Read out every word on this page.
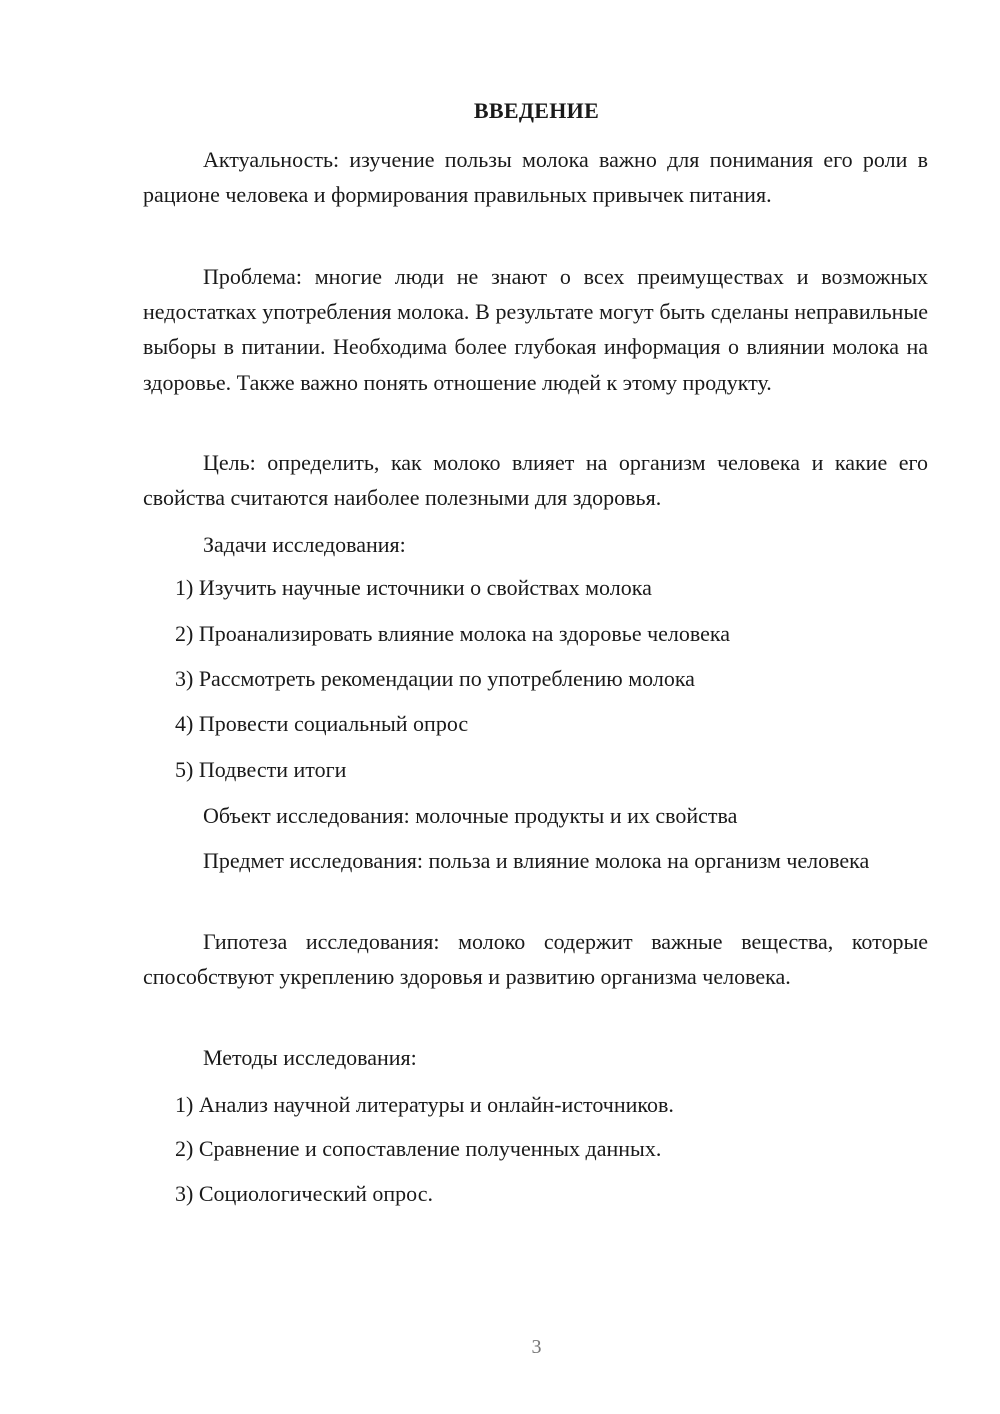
ВВЕДЕНИЕ

Актуальность: изучение пользы молока важно для понимания его роли в рационе человека и формирования правильных привычек питания.

Проблема: многие люди не знают о всех преимуществах и возможных недостатках употребления молока. В результате могут быть сделаны неправильные выборы в питании. Необходима более глубокая информация о влиянии молока на здоровье. Также важно понять отношение людей к этому продукту.

Цель: определить, как молоко влияет на организм человека и какие его свойства считаются наиболее полезными для здоровья.

Задачи исследования:

1) Изучить научные источники о свойствах молока

2) Проанализировать влияние молока на здоровье человека

3) Рассмотреть рекомендации по употреблению молока

4) Провести социальный опрос

5) Подвести итоги

Объект исследования: молочные продукты и их свойства

Предмет исследования: польза и влияние молока на организм человека

Гипотеза исследования: молоко содержит важные вещества, которые способствуют укреплению здоровья и развитию организма человека.

Методы исследования:

1) Анализ научной литературы и онлайн-источников.

2) Сравнение и сопоставление полученных данных.

3) Социологический опрос.

3
